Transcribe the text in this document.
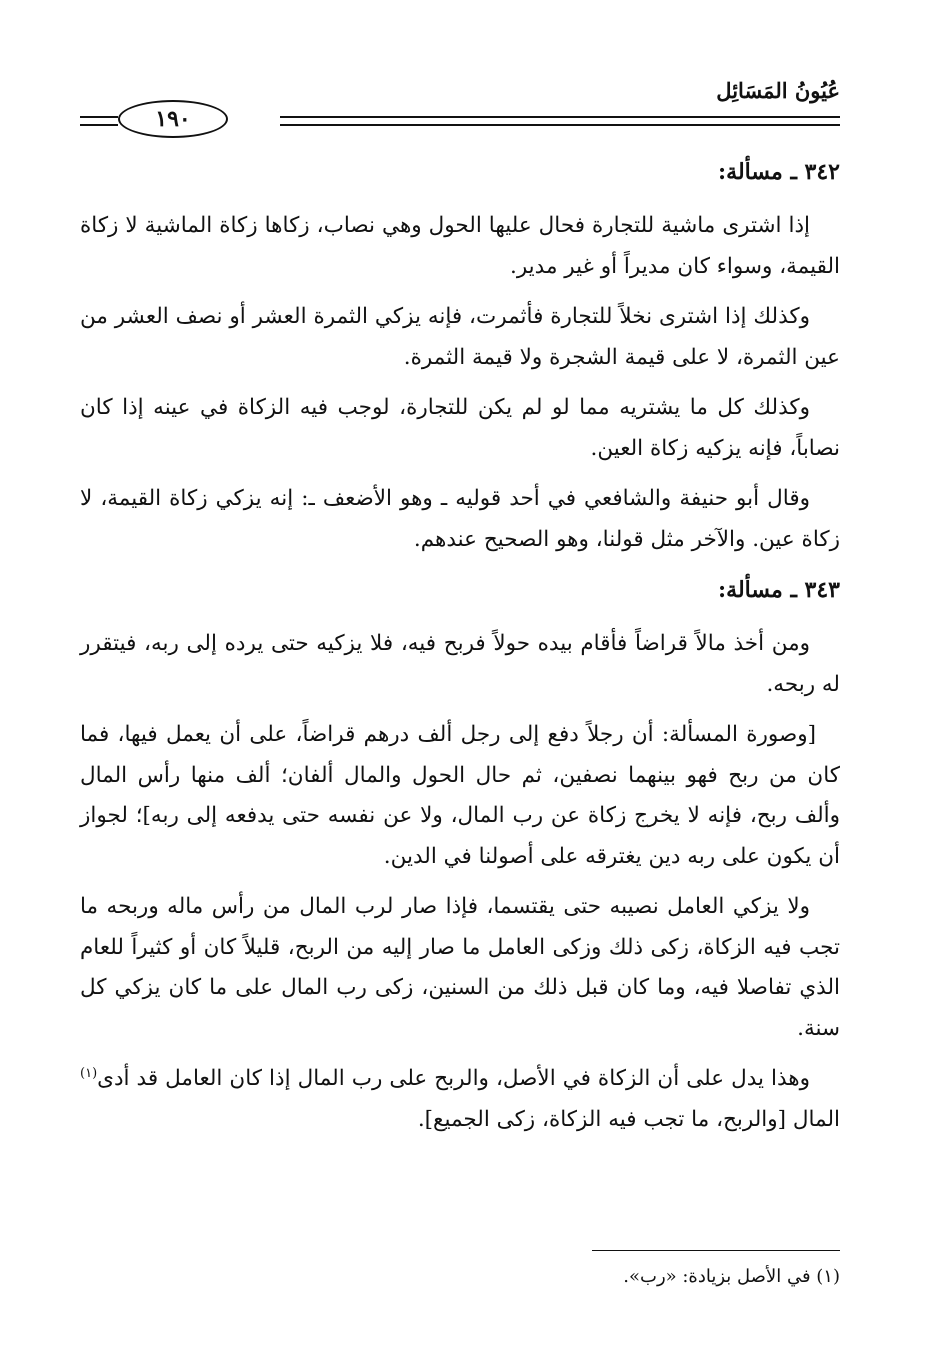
عُيُونُ المَسَائِل
١٩٠
٣٤٢ ـ مسألة:

إذا اشترى ماشية للتجارة فحال عليها الحول وهي نصاب، زكاها زكاة الماشية لا زكاة القيمة، وسواء كان مديراً أو غير مدير.

وكذلك إذا اشترى نخلاً للتجارة فأثمرت، فإنه يزكي الثمرة العشر أو نصف العشر من عين الثمرة، لا على قيمة الشجرة ولا قيمة الثمرة.

وكذلك كل ما يشتريه مما لو لم يكن للتجارة، لوجب فيه الزكاة في عينه إذا كان نصاباً، فإنه يزكيه زكاة العين.

وقال أبو حنيفة والشافعي في أحد قوليه ـ وهو الأضعف ـ: إنه يزكي زكاة القيمة، لا زكاة عين. والآخر مثل قولنا، وهو الصحيح عندهم.

٣٤٣ ـ مسألة:

ومن أخذ مالاً قراضاً فأقام بيده حولاً فربح فيه، فلا يزكيه حتى يرده إلى ربه، فيتقرر له ربحه.

[وصورة المسألة: أن رجلاً دفع إلى رجل ألف درهم قراضاً، على أن يعمل فيها، فما كان من ربح فهو بينهما نصفين، ثم حال الحول والمال ألفان؛ ألف منها رأس المال وألف ربح، فإنه لا يخرج زكاة عن رب المال، ولا عن نفسه حتى يدفعه إلى ربه]؛ لجواز أن يكون على ربه دين يغترقه على أصولنا في الدين.

ولا يزكي العامل نصيبه حتى يقتسما، فإذا صار لرب المال من رأس ماله وربحه ما تجب فيه الزكاة، زكى ذلك وزكى العامل ما صار إليه من الربح، قليلاً كان أو كثيراً للعام الذي تفاصلا فيه، وما كان قبل ذلك من السنين، زكى رب المال على ما كان يزكي كل سنة.

وهذا يدل على أن الزكاة في الأصل، والربح على رب المال إذا كان العامل قد أدى$^{(١)}$ المال [والربح، ما تجب فيه الزكاة، زكى الجميع].

(١) في الأصل بزيادة: «رب».
